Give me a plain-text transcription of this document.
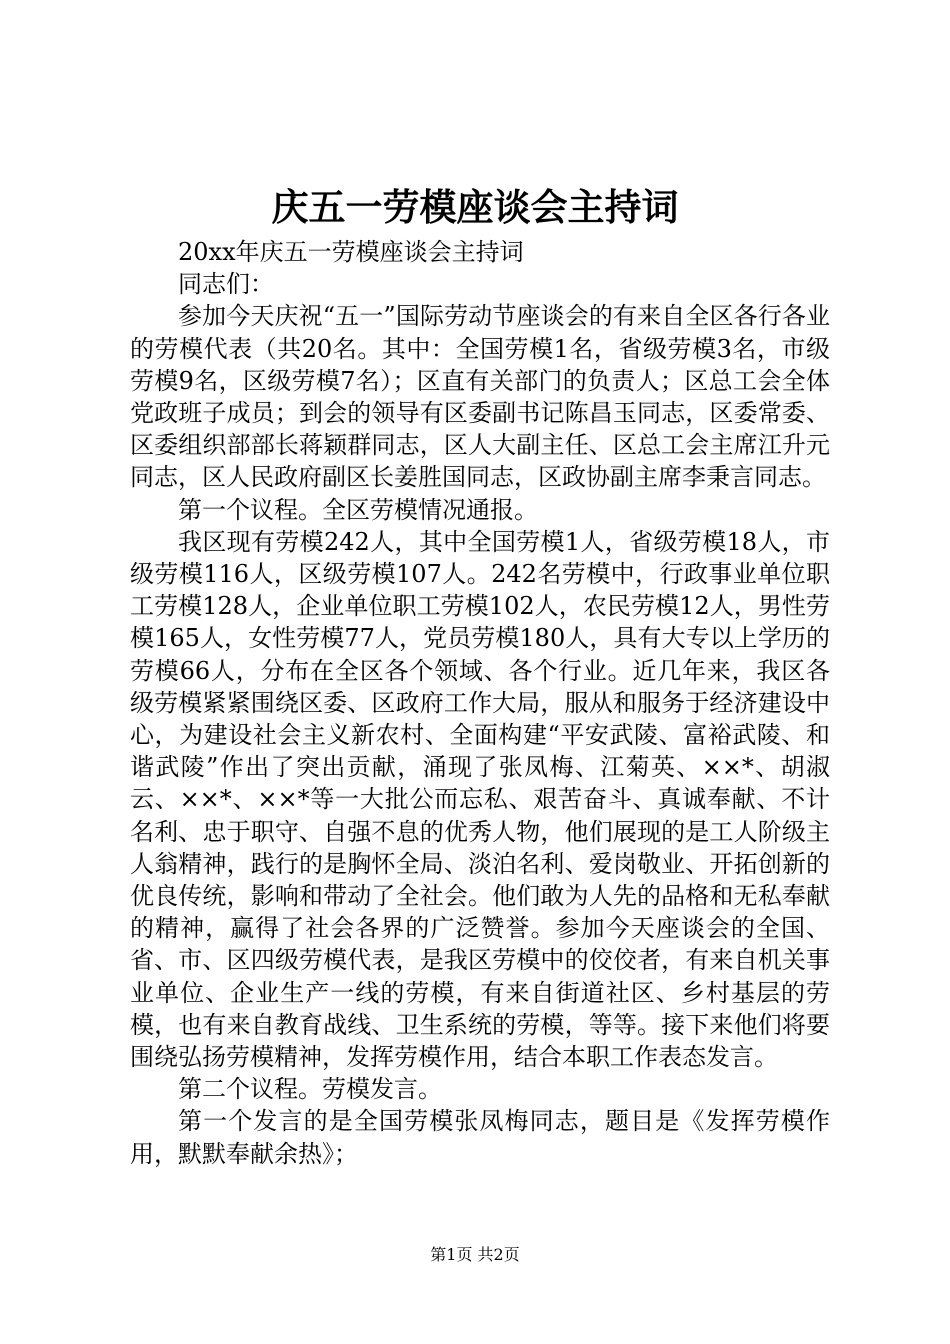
庆五一劳模座谈会主持词

20xx年庆五一劳模座谈会主持词

同志们：

参加今天庆祝“五一”国际劳动节座谈会的有来自全区各行各业的劳模代表（共20名。其中：全国劳模1名，省级劳模3名，市级劳模9名，区级劳模7名）；区直有关部门的负责人；区总工会全体党政班子成员；到会的领导有区委副书记陈昌玉同志，区委常委、区委组织部部长蒋颖群同志，区人大副主任、区总工会主席江升元同志，区人民政府副区长姜胜国同志，区政协副主席李秉言同志。

第一个议程。全区劳模情况通报。

我区现有劳模242人，其中全国劳模1人，省级劳模18人，市级劳模116人，区级劳模107人。242名劳模中，行政事业单位职工劳模128人，企业单位职工劳模102人，农民劳模12人，男性劳模165人，女性劳模77人，党员劳模180人，具有大专以上学历的劳模66人，分布在全区各个领域、各个行业。近几年来，我区各级劳模紧紧围绕区委、区政府工作大局，服从和服务于经济建设中心，为建设社会主义新农村、全面构建“平安武陵、富裕武陵、和谐武陵”作出了突出贡献，涌现了张凤梅、江菊英、××*、胡淑云、××*、××*等一大批公而忘私、艰苦奋斗、真诚奉献、不计名利、忠于职守、自强不息的优秀人物，他们展现的是工人阶级主人翁精神，践行的是胸怀全局、淡泊名利、爱岗敬业、开拓创新的优良传统，影响和带动了全社会。他们敢为人先的品格和无私奉献的精神，赢得了社会各界的广泛赞誉。参加今天座谈会的全国、省、市、区四级劳模代表，是我区劳模中的佼佼者，有来自机关事业单位、企业生产一线的劳模，有来自街道社区、乡村基层的劳模，也有来自教育战线、卫生系统的劳模，等等。接下来他们将要围绕弘扬劳模精神，发挥劳模作用，结合本职工作表态发言。

第二个议程。劳模发言。

第一个发言的是全国劳模张凤梅同志，题目是《发挥劳模作用，默默奉献余热》；

第1页 共2页
